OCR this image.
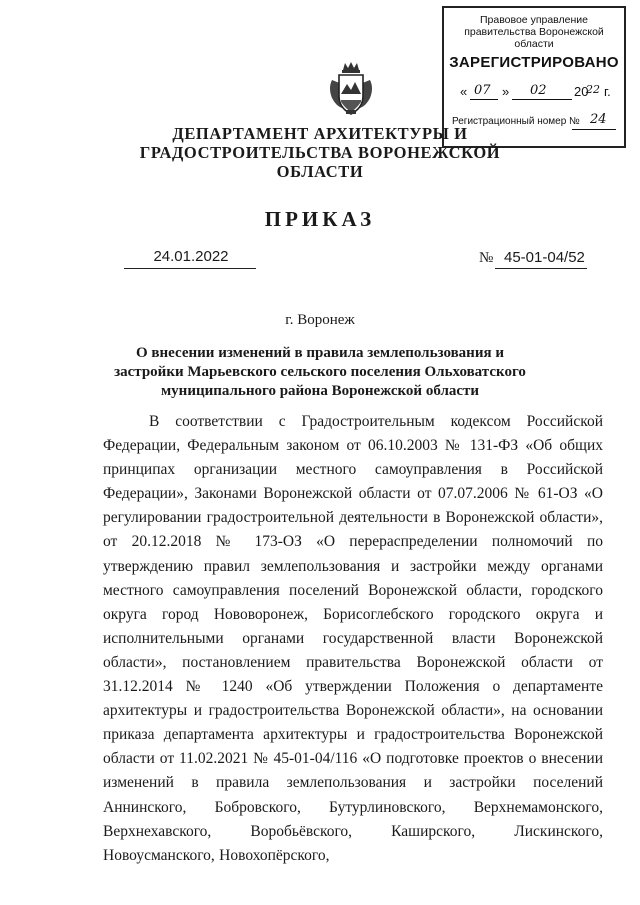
Правовое управление правительства Воронежской области
ЗАРЕГИСТРИРОВАНО
« 07 » 02 20
22 г.
Регистрационный номер № 24
ДЕПАРТАМЕНТ АРХИТЕКТУРЫ И ГРАДОСТРОИТЕЛЬСТВА ВОРОНЕЖСКОЙ ОБЛАСТИ
ПРИКАЗ
24.01.2022	№ 45-01-04/52
г. Воронеж
О внесении изменений в правила землепользования и застройки Марьевского сельского поселения Ольховатского муниципального района Воронежской области
В соответствии с Градостроительным кодексом Российской Федерации, Федеральным законом от 06.10.2003 № 131-ФЗ «Об общих принципах организации местного самоуправления в Российской Федерации», Законами Воронежской области от 07.07.2006 № 61-ОЗ «О регулировании градостроительной деятельности в Воронежской области», от 20.12.2018 № 173-ОЗ «О перераспределении полномочий по утверждению правил землепользования и застройки между органами местного самоуправления поселений Воронежской области, городского округа город Нововоронеж, Борисоглебского городского округа и исполнительными органами государственной власти Воронежской области», постановлением правительства Воронежской области от 31.12.2014 № 1240 «Об утверждении Положения о департаменте архитектуры и градостроительства Воронежской области», на основании приказа департамента архитектуры и градостроительства Воронежской области от 11.02.2021 № 45-01-04/116 «О подготовке проектов о внесении изменений в правила землепользования и застройки поселений Аннинского, Бобровского, Бутурлиновского, Верхнемамонского, Верхнехавского, Воробьёвского, Каширского, Лискинского, Новоусманского, Новохопёрского,
